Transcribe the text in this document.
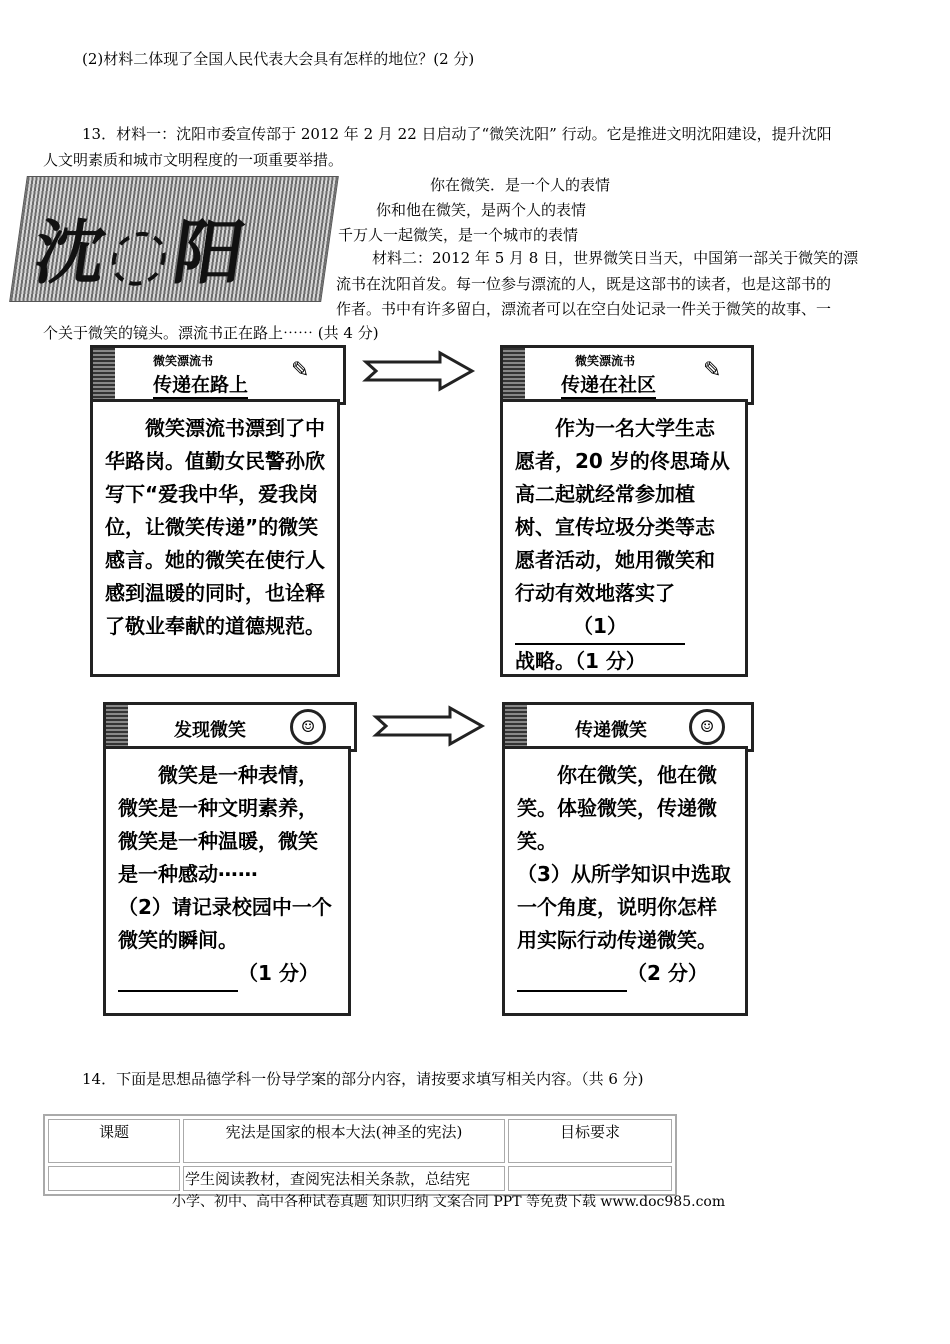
(2)材料二体现了全国人民代表大会具有怎样的地位？(2 分)
13．材料一：沈阳市委宣传部于 2012 年 2 月 22 日启动了“微笑沈阳” 行动。它是推进文明沈阳建设，提升沈阳
人文明素质和城市文明程度的一项重要举措。
沈◌阳
你在微笑．是一个人的表情
你和他在微笑，是两个人的表情
千万人一起微笑，是一个城市的表情
材料二：2012 年 5 月 8 日，世界微笑日当天，中国第一部关于微笑的漂
流书在沈阳首发。每一位参与漂流的人，既是这部书的读者，也是这部书的
作者。书中有许多留白，漂流者可以在空白处记录一件关于微笑的故事、一
个关于微笑的镜头。漂流书正在路上⋯⋯ (共 4 分)
微笑漂流书
传递在路上
✎

微笑漂流书漂到了中华路岗。值勤女民警孙欣写下“爱我中华，爱我岗位，让微笑传递”的微笑感言。她的微笑在使行人感到温暖的同时，也诠释了敬业奉献的道德规范。

微笑漂流书
传递在社区
✎

作为一名大学生志愿者，20 岁的佟思琦从高二起就经常参加植树、宣传垃圾分类等志愿者活动，她用微笑和行动有效地落实了

（1）

战略。（1 分）

发现微笑	☺

微笑是一种表情，微笑是一种文明素养，微笑是一种温暖，微笑是一种感动⋯⋯

（2）请记录校园中一个微笑的瞬间。

（1 分）

传递微笑	☺

你在微笑，他在微笑。体验微笑，传递微笑。

（3）从所学知识中选取一个角度，说明你怎样用实际行动传递微笑。

（2 分）

14．下面是思想品德学科一份导学案的部分内容，请按要求填写相关内容。（共 6 分)
课题	宪法是国家的根本大法(神圣的宪法)	目标要求
	学生阅读教材，查阅宪法相关条款，总结宪	
小学、初中、高中各种试卷真题 知识归纳 文案合同 PPT 等免费下载 www.doc985.com
